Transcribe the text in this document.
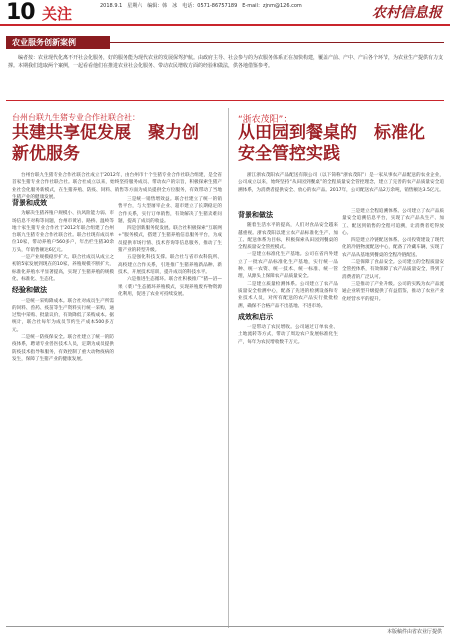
10 关注	2018.9.1　星期六　编辑：韩　冰　电话：0571-86757189　E-mail：zjnm@126.com	农村信息报
农业服务创新案例
编者按：农业现代化离不开社会化服务，好的服务能为现代农业的发展保驾护航。由政府主导、社会参与的为农服务体系正在加快构建，覆盖产前、产中、产后各个环节，为农业生产提供有力支撑。本期我们选取两个案例，一起看看他们在推进农业社会化服务、带动农民增收方面的经验和做法，供各地借鉴参考。
台州台联九生猪专业合作社联合社：
共建共享促发展　聚力创新优服务

台州台联九生猪专业合作社联合社成立于2012年，由台州市十个生猪专业合作社联合组建，是全省首家生猪专业合作社联合社。联合社成立以来，始终坚持服务成员、带动农户的宗旨，积极探索生猪产业社会化服务新模式，在生猪养殖、防疫、饲料、销售等方面为成员提供全方位服务，有效带动了当地生猪产业的健康发展。

背景和成效

为解决生猪养殖户规模小、抗风险能力弱、市场信息不对称等问题，台州市黄岩、路桥、温岭等地十家生猪专业合作社于2012年联合组建了台州台联九生猪专业合作社联合社。联合社现有成员单位10家，带动养殖户560多户，年出栏生猪30余万头，年销售额达6亿元。

一是产业规模稳步扩大。联合社成员从成立之初的5家发展到现在的10家，养殖规模不断扩大，标准化养殖水平显著提高，实现了生猪养殖的规模化、标准化、生态化。

经验和做法

一是统一采购降成本。联合社对成员生产所需的饲料、兽药、疫苗等生产资料实行统一采购，通过集中采购、批量议价，有效降低了采购成本。据统计，联合社每年为成员节约生产成本500多万元。

二是统一防疫保安全。联合社建立了统一的防疫体系，聘请专业兽医技术人员，定期为成员提供防疫技术指导和服务，有效控制了重大动物疫病的发生，保障了生猪产业的健康发展。

三是统一销售增效益。联合社建立了统一的销售平台，与大型屠宰企业、超市建立了长期稳定的合作关系，实行订单销售，有效解决了生猪卖难问题，提高了成员的收益。

四是创新服务促发展。联合社积极探索“互联网+”服务模式，搭建了生猪养殖信息服务平台，为成员提供市场行情、技术咨询等信息服务，推动了生猪产业的转型升级。

五是强化科技支撑。联合社与省市农科院所、高校建立合作关系，引进推广生猪养殖新品种、新技术，开展技术培训，提升成员的科技水平。

六是推进生态循环。联合社积极推广“猪—沼—果（菜）”生态循环养殖模式，实现养殖废弃物资源化利用，促进了农业可持续发展。

“浙农茂阳”：
从田园到餐桌的　标准化安全管控实践

浙江浙农茂阳农产品配送有限公司（以下简称“浙农茂阳”）是一家从事农产品配送的农业企业，公司成立以来，始终坚持“从田园到餐桌”的全程质量安全管控理念，建立了完善的农产品质量安全追溯体系，为消费者提供安全、放心的农产品。2017年，公司配送农产品2万余吨，销售额达3.5亿元。

背景和做法

随着生活水平的提高，人们对食品安全越来越重视。浙农茂阳以建立农产品标准化生产、加工、配送体系为目标，积极探索从田园到餐桌的全程质量安全管控模式。

一是建立标准化生产基地。公司在省内外建立了一批农产品标准化生产基地，实行统一品种、统一农资、统一技术、统一标准、统一管理，从源头上保障农产品质量安全。

二是建立质量检测体系。公司建立了农产品质量安全检测中心，配备了先进的检测设备和专业技术人员，对所有配送的农产品实行批批检测，确保不合格产品不出基地、不进市场。

成效和启示

一是带动了农民增收。公司通过订单农业、土地流转等方式，带动了周边农户发展标准化生产，每年为农民增收数千万元。

三是建立全程追溯体系。公司建立了农产品质量安全追溯信息平台，实现了农产品从生产、加工、配送到销售的全程可追溯，让消费者吃得放心。

四是建立冷链配送体系。公司投资建设了现代化的冷链物流配送中心，配备了冷藏车辆，实现了农产品从基地到餐桌的全程冷链配送。

二是保障了食品安全。公司建立的全程质量安全管控体系，有效保障了农产品质量安全，得到了消费者的广泛认可。

三是推动了产业升级。公司的实践为农产品流通企业转型升级提供了有益借鉴，推动了农业产业化经营水平的提升。

本版稿件由省农业厅提供
